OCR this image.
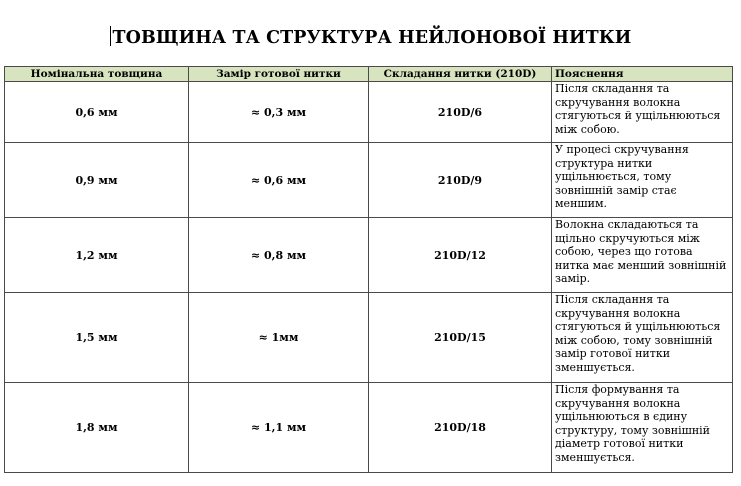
ТОВЩИНА ТА СТРУКТУРА НЕЙЛОНОВОЇ НИТКИ
Номінальна товщина	Замір готової нитки	Складання нитки (210D)	Пояснення
0,6 мм	≈ 0,3 мм	210D/6	Після складання та скручування волокна стягуються й ущільнюються між собою.
0,9 мм	≈ 0,6 мм	210D/9	У процесі скручування структура нитки ущільнюється, тому зовнішній замір стає меншим.
1,2 мм	≈ 0,8 мм	210D/12	Волокна складаються та щільно скручуються між собою, через що готова нитка має менший зовнішній замір.
1,5 мм	≈ 1мм	210D/15	Після складання та скручування волокна стягуються й ущільнюються між собою, тому зовнішній замір готової нитки зменшується.
1,8 мм	≈ 1,1 мм	210D/18	Після формування та скручування волокна ущільнюються в єдину структуру, тому зовнішній діаметр готової нитки зменшується.
